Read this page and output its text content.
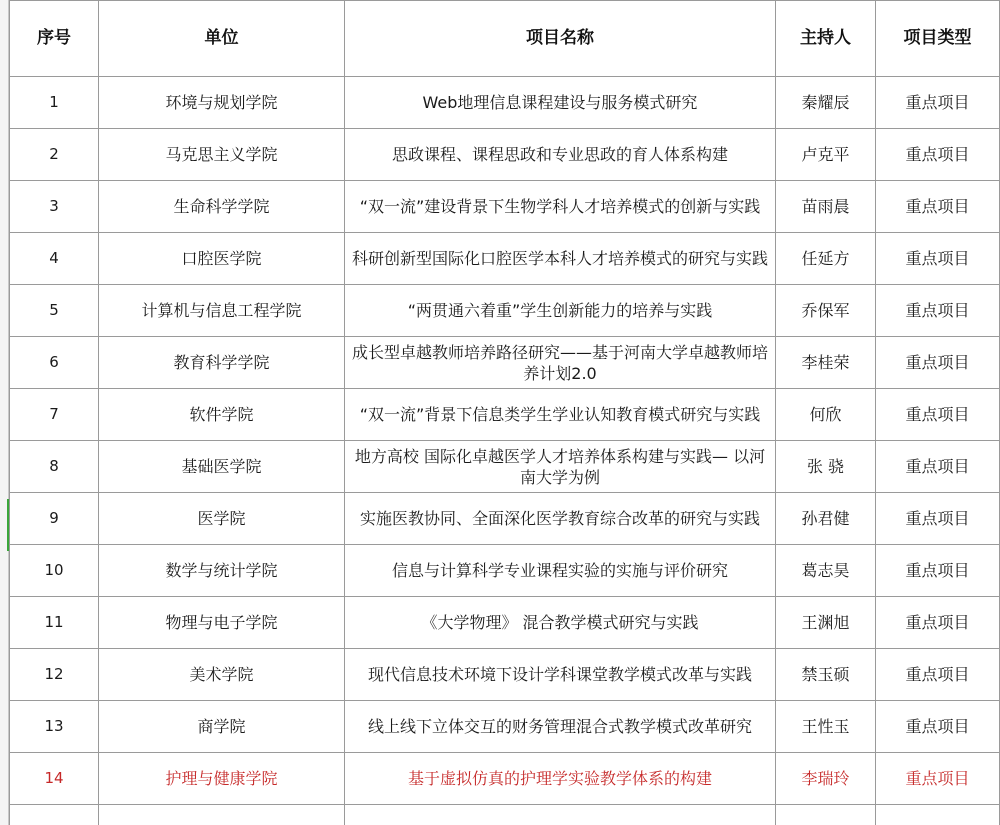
序号	单位	项目名称	主持人	项目类型
1	环境与规划学院	Web地理信息课程建设与服务模式研究	秦耀辰	重点项目
2	马克思主义学院	思政课程、课程思政和专业思政的育人体系构建	卢克平	重点项目
3	生命科学学院	“双一流”建设背景下生物学科人才培养模式的创新与实践	苗雨晨	重点项目
4	口腔医学院	科研创新型国际化口腔医学本科人才培养模式的研究与实践	任延方	重点项目
5	计算机与信息工程学院	“两贯通六着重”学生创新能力的培养与实践	乔保军	重点项目
6	教育科学学院	成长型卓越教师培养路径研究——基于河南大学卓越教师培养计划2.0	李桂荣	重点项目
7	软件学院	“双一流”背景下信息类学生学业认知教育模式研究与实践	何欣	重点项目
8	基础医学院	地方高校 国际化卓越医学人才培养体系构建与实践— 以河南大学为例	张 骁	重点项目
9	医学院	实施医教协同、全面深化医学教育综合改革的研究与实践	孙君健	重点项目
10	数学与统计学院	信息与计算科学专业课程实验的实施与评价研究	葛志昊	重点项目
11	物理与电子学院	《大学物理》 混合教学模式研究与实践	王渊旭	重点项目
12	美术学院	现代信息技术环境下设计学科课堂教学模式改革与实践	禁玉硕	重点项目
13	商学院	线上线下立体交互的财务管理混合式教学模式改革研究	王性玉	重点项目
14	护理与健康学院	基于虚拟仿真的护理学实验教学体系的构建	李瑞玲	重点项目
